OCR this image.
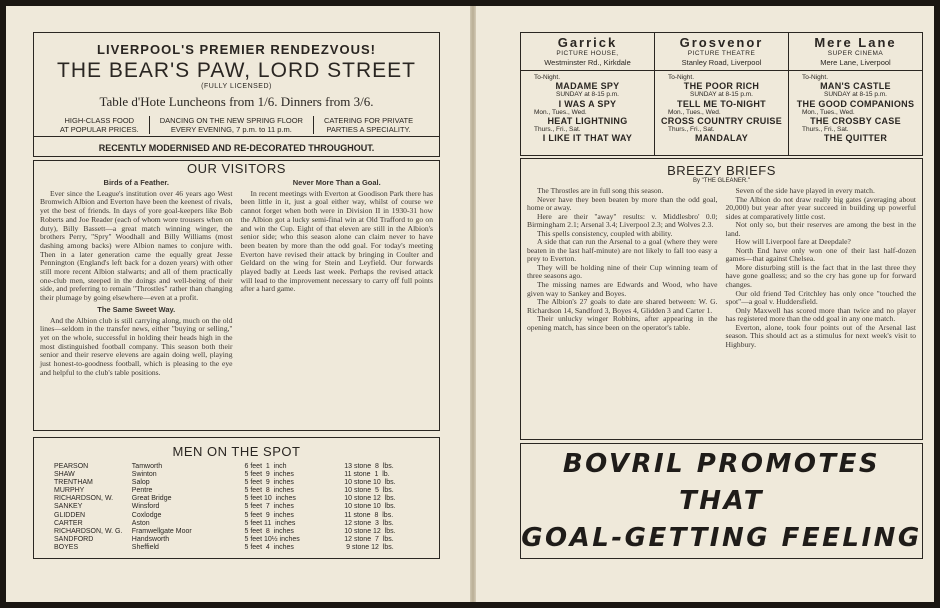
LIVERPOOL'S PREMIER RENDEZVOUS!
THE BEAR'S PAW, LORD STREET
(FULLY LICENSED)
Table d'Hote Luncheons from 1/6. Dinners from 3/6.
HIGH-CLASS FOOD
AT POPULAR PRICES.
DANCING ON THE NEW SPRING FLOOR
EVERY EVENING, 7 p.m. to 11 p.m.
CATERING FOR PRIVATE
PARTIES A SPECIALITY.
RECENTLY MODERNISED AND RE-DECORATED THROUGHOUT.
OUR VISITORS
Birds of a Feather.

Ever since the League's institution over 46 years ago West Bromwich Albion and Everton have been the keenest of rivals, yet the best of friends. In days of yore goal-keepers like Bob Roberts and Joe Reader (each of whom wore trousers when on duty), Billy Bassett—a great match winning winger, the brothers Perry, "Spry" Woodhall and Billy Williams (most dashing among backs) were Albion names to conjure with. Then in a later generation came the equally great Jesse Pennington (England's left back for a dozen years) with other still more recent Albion stalwarts; and all of them practically one-club men, steeped in the doings and well-being of their side, and preferring to remain "Throstles" rather than changing their plumage by going elsewhere—even at a profit.

The Same Sweet Way.

And the Albion club is still carrying along, much on the old lines—seldom in the transfer news, either "buying or selling," yet on the whole, successful in holding their heads high in the most distinguished football company. This season both their senior and their reserve elevens are again doing well, playing just honest-to-goodness football, which is pleasing to the eye and helpful to the club's table positions.

Never More Than a Goal.

In recent meetings with Everton at Goodison Park there has been little in it, just a goal either way, whilst of course we cannot forget when both were in Division II in 1930-31 how the Albion got a lucky semi-final win at Old Trafford to go on and win the Cup. Eight of that eleven are still in the Albion's senior side; who this season alone can claim never to have been beaten by more than the odd goal. For today's meeting Everton have revised their attack by bringing in Coulter and Geldard on the wing for Stein and Leyfield. Our forwards played badly at Leeds last week. Perhaps the revised attack will lead to the improvement necessary to carry off full points after a hard game.

MEN ON THE SPOT
PEARSON	Tamworth	6 feet  1  inch	13 stone  8  lbs.
SHAW	Swinton	5 feet  9  inches	11 stone  1  lb.
TRENTHAM	Salop	5 feet  9  inches	10 stone 10  lbs.
MURPHY	Pentre	5 feet  8  inches	10 stone  5  lbs.
RICHARDSON, W.	Great Bridge	5 feet 10  inches	10 stone 12  lbs.
SANKEY	Winsford	5 feet  7  inches	10 stone 10  lbs.
GLIDDEN	Coxlodge	5 feet  9  inches	11 stone  8  lbs.
CARTER	Aston	5 feet 11  inches	12 stone  3  lbs.
RICHARDSON, W. G.	Framwellgate Moor	5 feet  8  inches	10 stone 12  lbs.
SANDFORD	Handsworth	5 feet 10½ inches	12 stone  7  lbs.
BOYES	Sheffield	5 feet  4  inches	9 stone 12  lbs.
Garrick
PICTURE HOUSE,
Westminster Rd., Kirkdale
To-Night.
MADAME SPY
SUNDAY at 8-15 p.m.
I WAS A SPY
Mon., Tues., Wed.
HEAT LIGHTNING
Thurs., Fri., Sat.
I LIKE IT THAT WAY
Grosvenor
PICTURE THEATRE
Stanley Road, Liverpool
To-Night.
THE POOR RICH
SUNDAY at 8-15 p.m.
TELL ME TO-NIGHT
Mon., Tues., Wed.
CROSS COUNTRY CRUISE
Thurs., Fri., Sat.
MANDALAY
Mere Lane
SUPER CINEMA
Mere Lane, Liverpool
To-Night.
MAN'S CASTLE
SUNDAY at 8-15 p.m.
THE GOOD COMPANIONS
Mon., Tues., Wed.
THE CROSBY CASE
Thurs., Fri., Sat.
THE QUITTER
BREEZY BRIEFS
By "THE GLEANER."

The Throstles are in full song this season.

Never have they been beaten by more than the odd goal, home or away.

Here are their "away" results: v. Middlesbro' 0.0; Birmingham 2.1; Arsenal 3.4; Liverpool 2.3; and Wolves 2.3.

This spells consistency, coupled with ability.

A side that can run the Arsenal to a goal (where they were beaten in the last half-minute) are not likely to fall too easy a prey to Everton.

They will be holding nine of their Cup winning team of three seasons ago.

The missing names are Edwards and Wood, who have given way to Sankey and Boyes.

The Albion's 27 goals to date are shared between: W. G. Richardson 14, Sandford 3, Boyes 4, Glidden 3 and Carter 1.

Their unlucky winger Robbins, after appearing in the opening match, has since been on the operator's table.

Seven of the side have played in every match.

The Albion do not draw really big gates (averaging about 20,000) but year after year succeed in building up powerful sides at comparatively little cost.

Not only so, but their reserves are among the best in the land.

How will Liverpool fare at Deepdale?

North End have only won one of their last half-dozen games—that against Chelsea.

More disturbing still is the fact that in the last three they have gone goalless; and so the cry has gone up for forward changes.

Our old friend Ted Critchley has only once "touched the spot"—a goal v. Huddersfield.

Only Maxwell has scored more than twice and no player has registered more than the odd goal in any one match.

Everton, alone, took four points out of the Arsenal last season. This should act as a stimulus for next week's visit to Highbury.

BOVRIL PROMOTES THAT
GOAL-GETTING FEELING
